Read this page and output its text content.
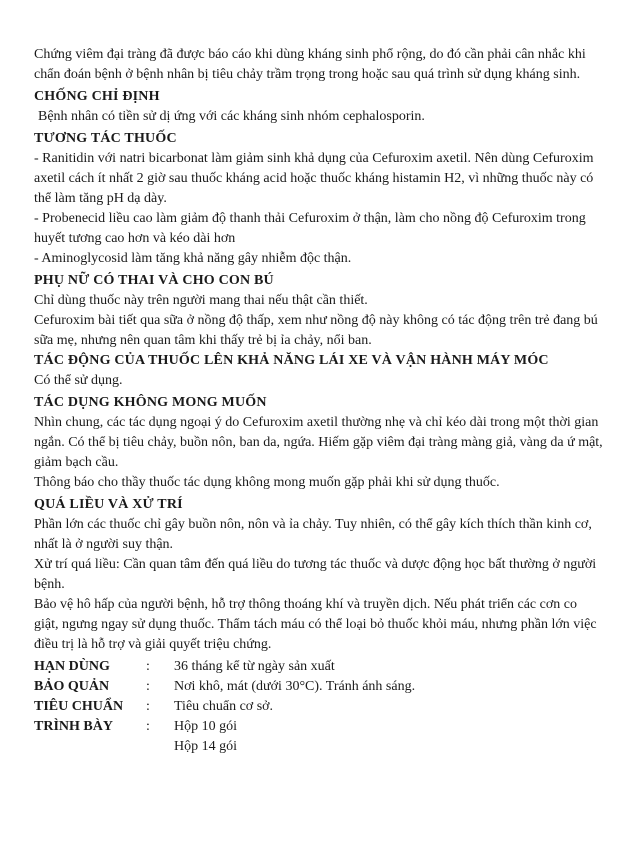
Chứng viêm đại tràng đã được báo cáo khi dùng kháng sinh phổ rộng, do đó cần phải cân nhắc khi

chẩn đoán bệnh ở bệnh nhân bị tiêu chảy trầm trọng trong hoặc sau quá trình sử dụng kháng sinh.

CHỐNG CHỈ ĐỊNH

Bệnh nhân có tiền sử dị ứng với các kháng sinh nhóm cephalosporin.

TƯƠNG TÁC THUỐC

- Ranitidin với natri bicarbonat làm giảm sinh khả dụng của Cefuroxim axetil. Nên dùng Cefuroxim

axetil cách ít nhất 2 giờ sau thuốc kháng acid hoặc thuốc kháng histamin H2, vì những thuốc này có

thể làm tăng pH dạ dày.

- Probenecid liều cao làm giảm độ thanh thải Cefuroxim ở thận, làm cho nồng độ Cefuroxim trong

huyết tương cao hơn và kéo dài hơn

- Aminoglycosid làm tăng khả năng gây nhiễm độc thận.

PHỤ NỮ CÓ THAI VÀ CHO CON BÚ

Chỉ dùng thuốc này trên người mang thai nếu thật cần thiết.

Cefuroxim bài tiết qua sữa ở nồng độ thấp, xem như nồng độ này không có tác động trên trẻ đang bú

sữa mẹ, nhưng nên quan tâm khi thấy trẻ bị ỉa chảy, nổi ban.

TÁC ĐỘNG CỦA THUỐC LÊN KHẢ NĂNG LÁI XE VÀ VẬN HÀNH MÁY MÓC

Có thể sử dụng.

TÁC DỤNG KHÔNG MONG MUỐN

Nhìn chung, các tác dụng ngoại ý do Cefuroxim axetil thường nhẹ và chỉ kéo dài trong một thời gian

ngắn. Có thể bị tiêu chảy, buồn nôn, ban da, ngứa. Hiếm gặp viêm đại tràng màng giả, vàng da ứ mật,

giảm bạch cầu.

Thông báo cho thầy thuốc tác dụng không mong muốn gặp phải khi sử dụng thuốc.

QUÁ LIỀU VÀ XỬ TRÍ

Phần lớn các thuốc chỉ gây buồn nôn, nôn và ỉa chảy. Tuy nhiên, có thể gây kích thích thần kinh cơ,

nhất là ở người suy thận.

Xử trí quá liều: Cần quan tâm đến quá liều do tương tác thuốc và dược động học bất thường ở người

bệnh.

Bảo vệ hô hấp của người bệnh, hỗ trợ thông thoáng khí và truyền dịch. Nếu phát triển các cơn co

giật, ngưng ngay sử dụng thuốc. Thẩm tách máu có thể loại bỏ thuốc khỏi máu, nhưng phần lớn việc

điều trị là hỗ trợ và giải quyết triệu chứng.

HẠN DÙNG	:	36 tháng kể từ ngày sản xuất
BẢO QUẢN	:	Nơi khô, mát (dưới 30°C). Tránh ánh sáng.
TIÊU CHUẨN	:	Tiêu chuẩn cơ sở.
TRÌNH BÀY	:	Hộp 10 gói
Hộp 14 gói
